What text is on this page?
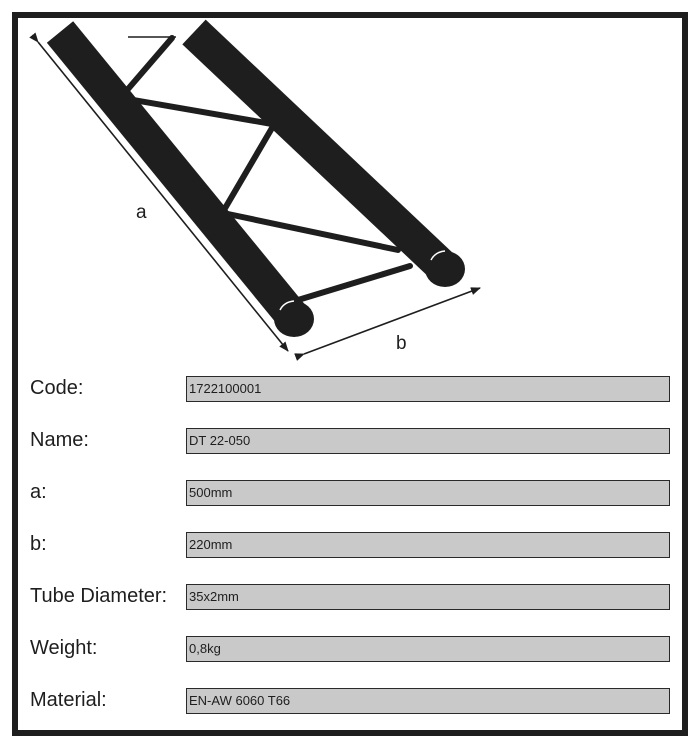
a
b
Code:	1722100001
Name:	DT 22-050
a:	500mm
b:	220mm
Tube Diameter: 35x2mm
Weight:	0,8kg
Material:	EN-AW 6060 T66
